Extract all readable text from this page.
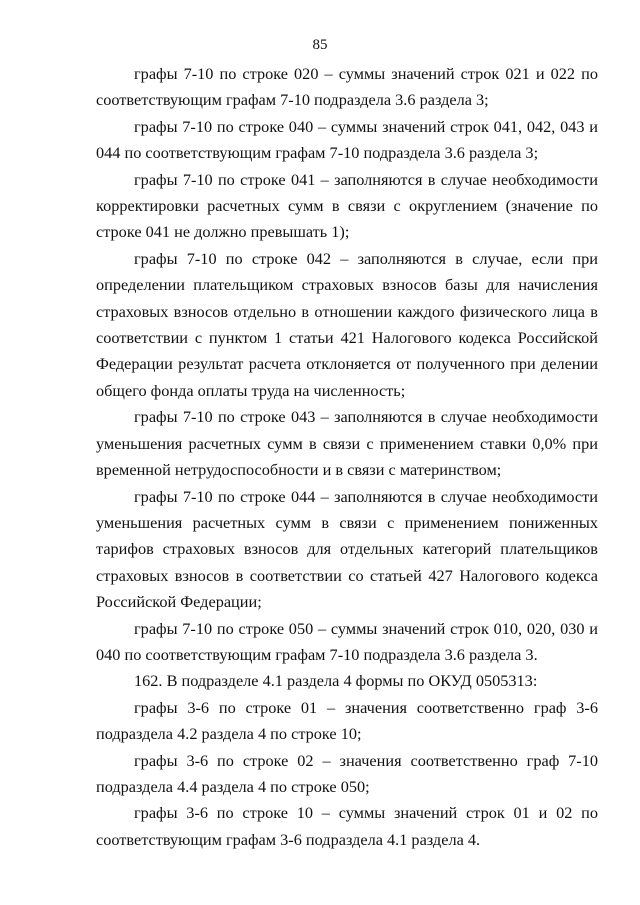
85

графы 7-10 по строке 020 – суммы значений строк 021 и 022 по соответствующим графам 7-10 подраздела 3.6 раздела 3;

графы 7-10 по строке 040 – суммы значений строк 041, 042, 043 и 044 по соответствующим графам 7-10 подраздела 3.6 раздела 3;

графы 7-10 по строке 041 – заполняются в случае необходимости корректировки расчетных сумм в связи с округлением (значение по строке 041 не должно превышать 1);

графы 7-10 по строке 042 – заполняются в случае, если при определении плательщиком страховых взносов базы для начисления страховых взносов отдельно в отношении каждого физического лица в соответствии с пунктом 1 статьи 421 Налогового кодекса Российской Федерации результат расчета отклоняется от полученного при делении общего фонда оплаты труда на численность;

графы 7-10 по строке 043 – заполняются в случае необходимости уменьшения расчетных сумм в связи с применением ставки 0,0% при временной нетрудоспособности и в связи с материнством;

графы 7-10 по строке 044 – заполняются в случае необходимости уменьшения расчетных сумм в связи с применением пониженных тарифов страховых взносов для отдельных категорий плательщиков страховых взносов в соответствии со статьей 427 Налогового кодекса Российской Федерации;

графы 7-10 по строке 050 – суммы значений строк 010, 020, 030 и 040 по соответствующим графам 7-10 подраздела 3.6 раздела 3.

162. В подразделе 4.1 раздела 4 формы по ОКУД 0505313:

графы 3-6 по строке 01 – значения соответственно граф 3-6 подраздела 4.2 раздела 4 по строке 10;

графы 3-6 по строке 02 – значения соответственно граф 7-10 подраздела 4.4 раздела 4 по строке 050;

графы 3-6 по строке 10 – суммы значений строк 01 и 02 по соответствующим графам 3-6 подраздела 4.1 раздела 4.
